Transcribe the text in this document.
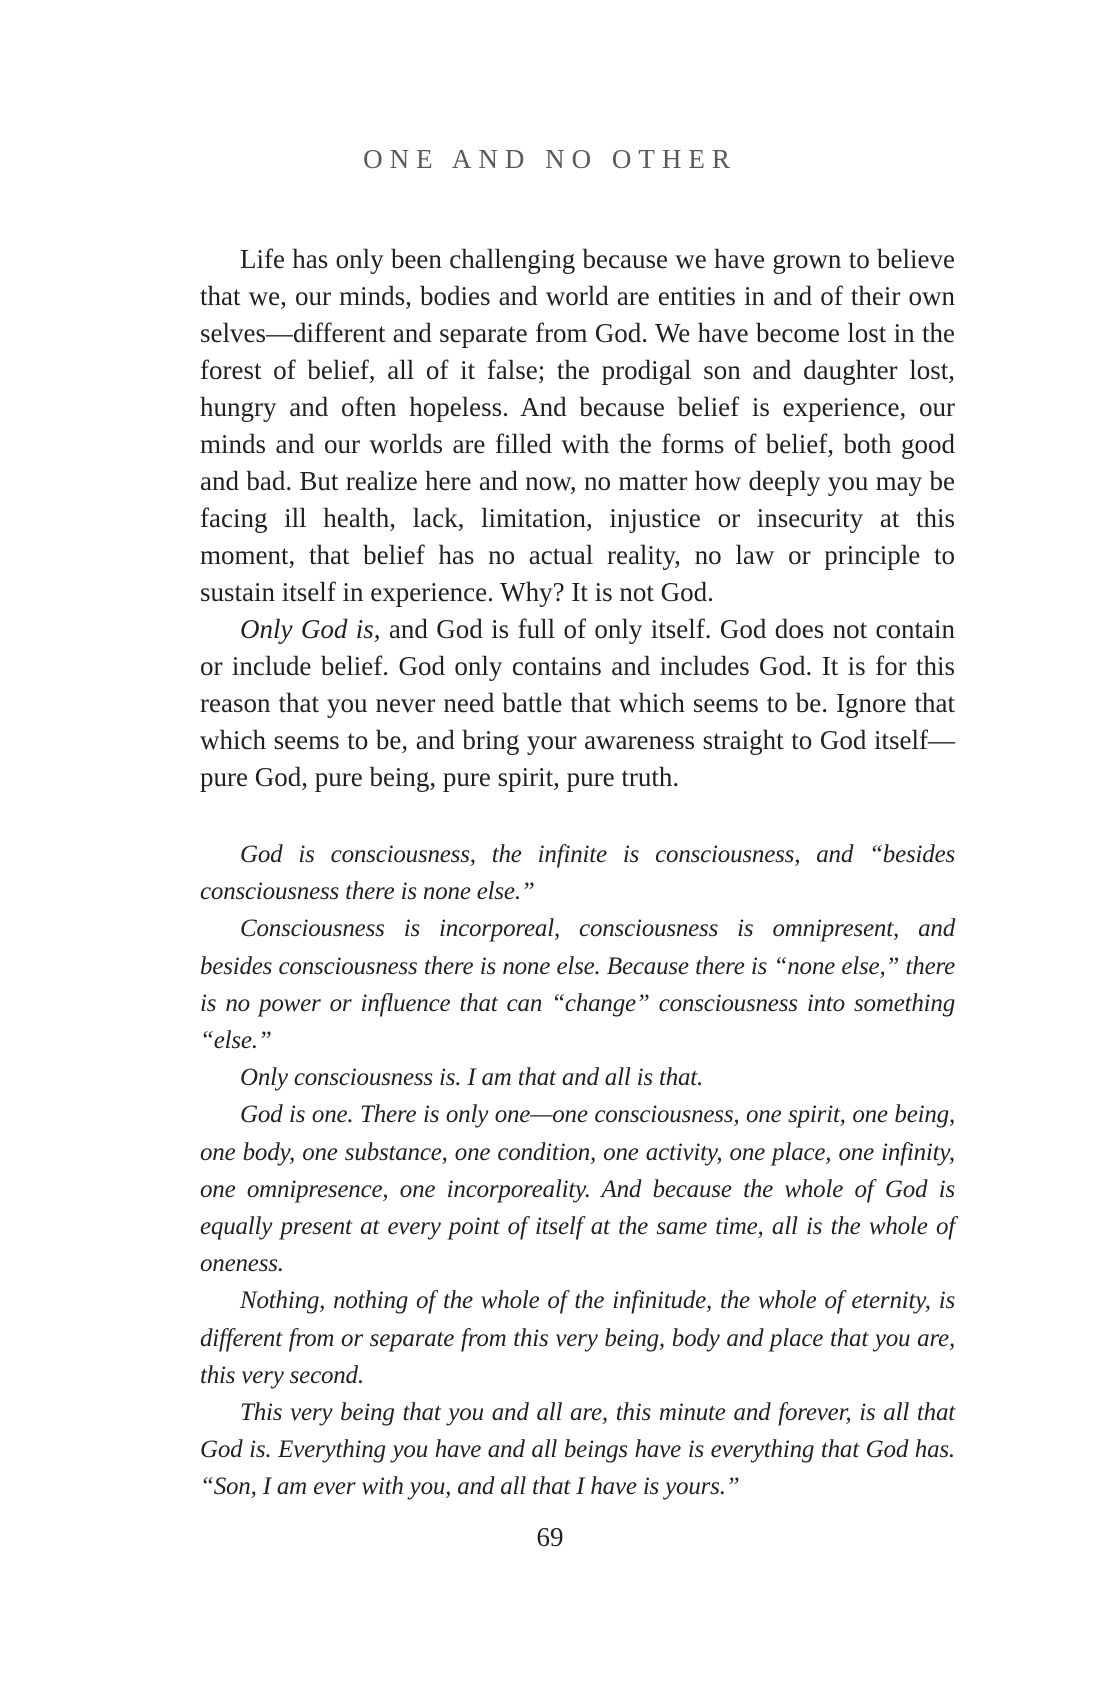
ONE AND NO OTHER

Life has only been challenging because we have grown to believe that we, our minds, bodies and world are entities in and of their own selves—different and separate from God. We have become lost in the forest of belief, all of it false; the prodigal son and daughter lost, hungry and often hopeless. And because belief is experience, our minds and our worlds are filled with the forms of belief, both good and bad. But realize here and now, no matter how deeply you may be facing ill health, lack, limitation, injustice or insecurity at this moment, that belief has no actual reality, no law or principle to sustain itself in experience. Why? It is not God.

Only God is, and God is full of only itself. God does not contain or include belief. God only contains and includes God. It is for this reason that you never need battle that which seems to be. Ignore that which seems to be, and bring your awareness straight to God itself—pure God, pure being, pure spirit, pure truth.

God is consciousness, the infinite is consciousness, and “besides consciousness there is none else.”

Consciousness is incorporeal, consciousness is omnipresent, and besides consciousness there is none else. Because there is “none else,” there is no power or influence that can “change” consciousness into something “else.”

Only consciousness is. I am that and all is that.

God is one. There is only one—one consciousness, one spirit, one being, one body, one substance, one condition, one activity, one place, one infinity, one omnipresence, one incorporeality. And because the whole of God is equally present at every point of itself at the same time, all is the whole of oneness.

Nothing, nothing of the whole of the infinitude, the whole of eternity, is different from or separate from this very being, body and place that you are, this very second.

This very being that you and all are, this minute and forever, is all that God is. Everything you have and all beings have is everything that God has. “Son, I am ever with you, and all that I have is yours.”

69
